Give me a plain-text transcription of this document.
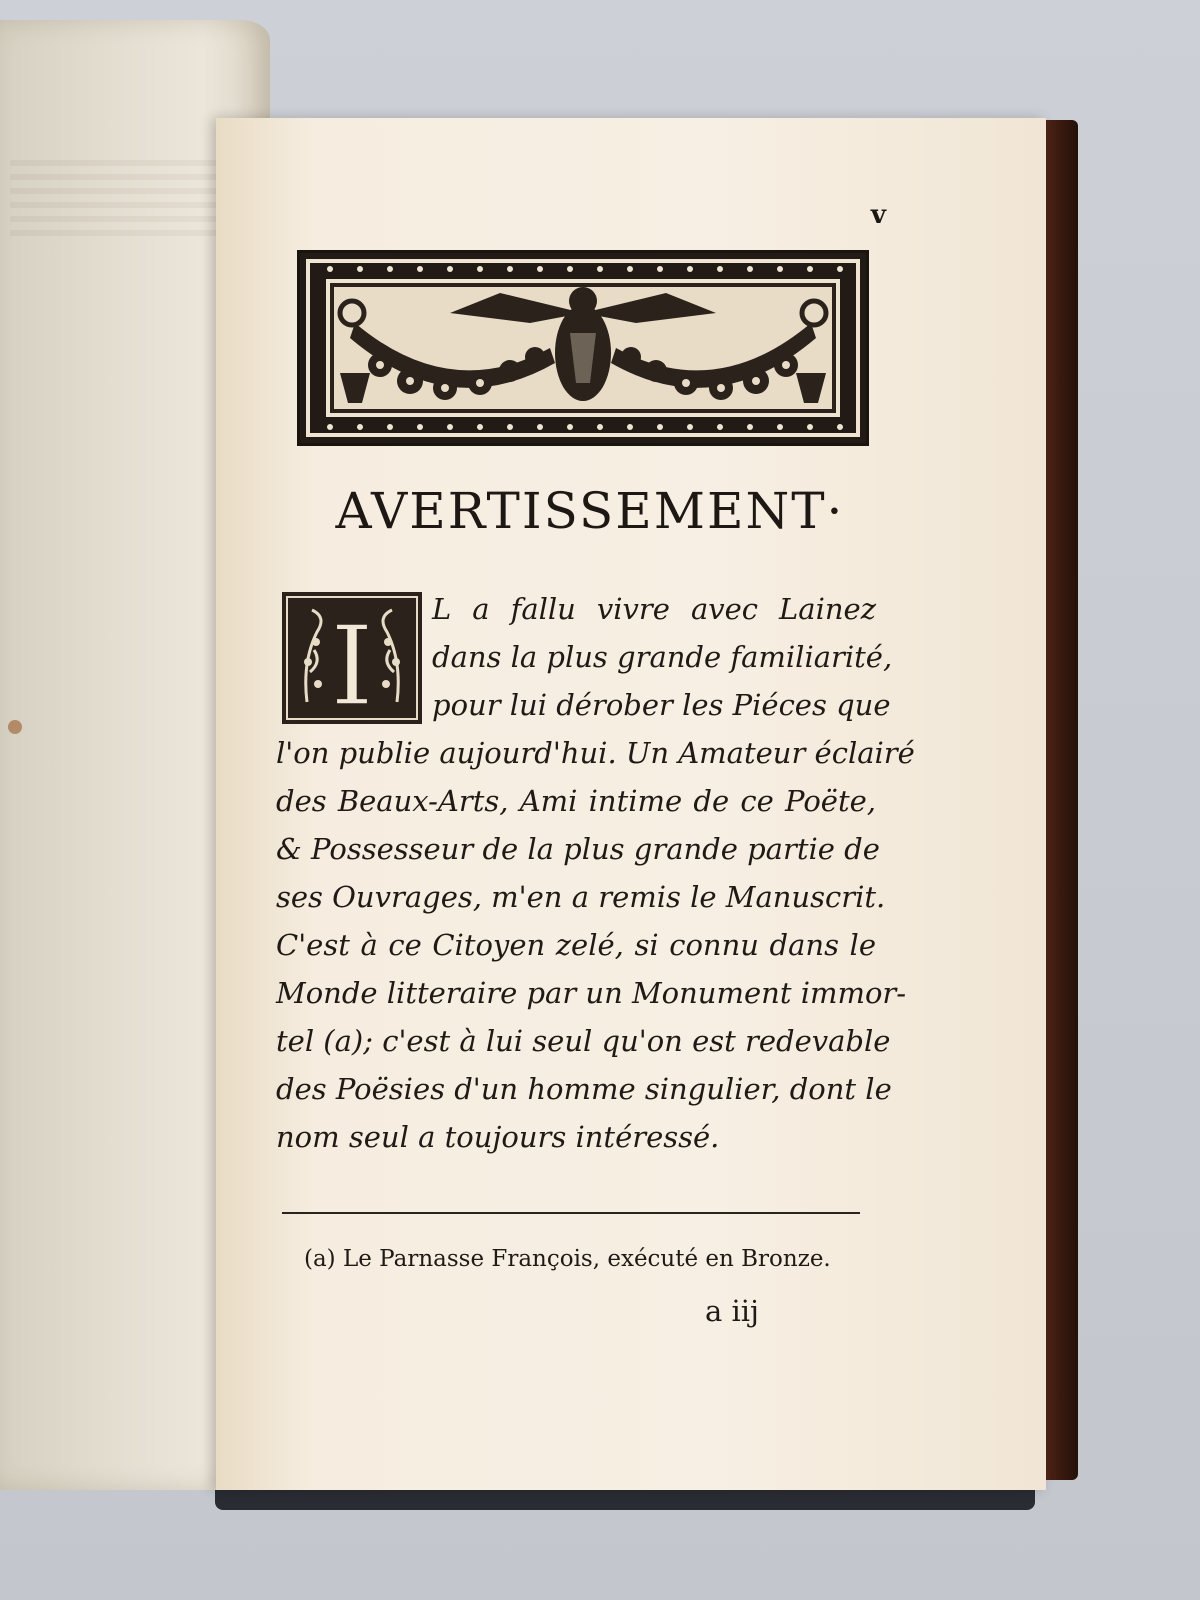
v
AVERTISSEMENT·
I	L a fallu vivre avec Lainez
dans la plus grande familiarité,
pour lui dérober les Piéces que
l'on publie aujourd'hui. Un Amateur éclairé
des Beaux-Arts, Ami intime de ce Poëte,
& Possesseur de la plus grande partie de
ses Ouvrages, m'en a remis le Manuscrit.
C'est à ce Citoyen zelé, si connu dans le
Monde litteraire par un Monument immor-
tel (a); c'est à lui seul qu'on est redevable
des Poësies d'un homme singulier, dont le
nom seul a toujours intéressé.
(a) Le Parnasse François, exécuté en Bronze.
a iij
